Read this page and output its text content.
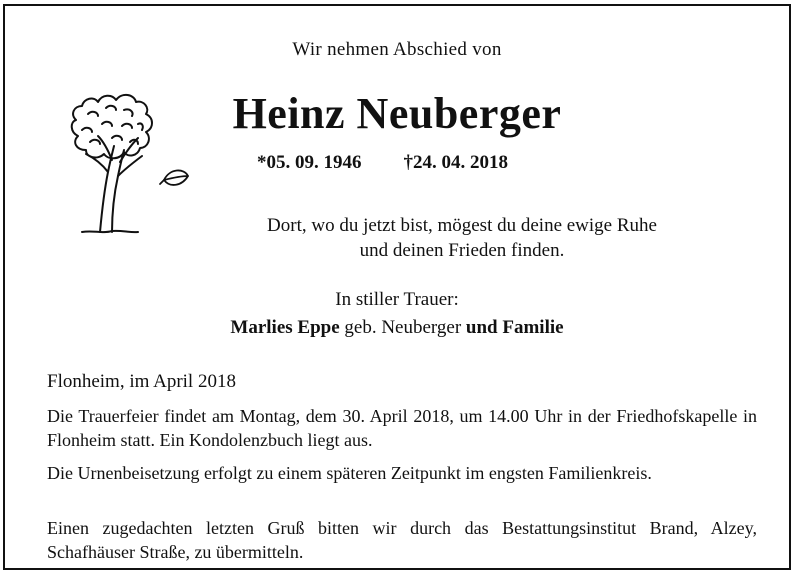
Wir nehmen Abschied von
Heinz Neuberger
*05. 09. 1946 †24. 04. 2018
Dort, wo du jetzt bist, mögest du deine ewige Ruhe
und deinen Frieden finden.
In stiller Trauer:
Marlies Eppe geb. Neuberger und Familie
Flonheim, im April 2018
Die Trauerfeier findet am Montag, dem 30. April 2018, um 14.00 Uhr in der Friedhofskapelle in Flonheim statt. Ein Kondolenzbuch liegt aus.
Die Urnenbeisetzung erfolgt zu einem späteren Zeitpunkt im engsten Familienkreis.
Einen zugedachten letzten Gruß bitten wir durch das Bestattungsinstitut Brand, Alzey, Schafhäuser Straße, zu übermitteln.
